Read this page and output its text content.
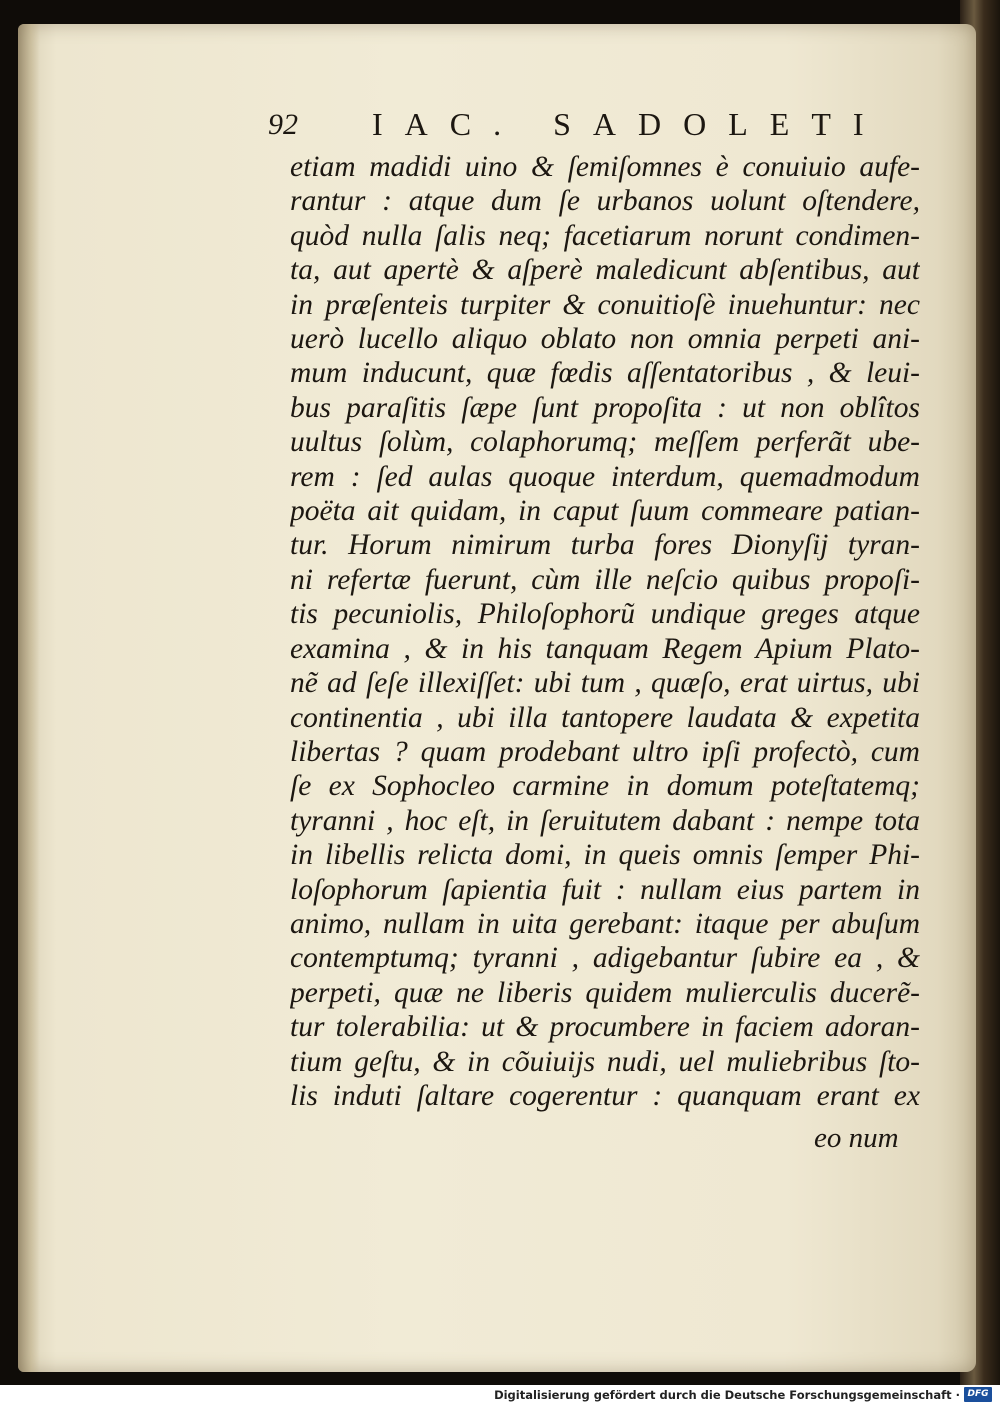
92 IAC. SADOLETI
etiam madidi uino & ſemiſomnes è conuiuio aufe-
rantur : atque dum ſe urbanos uolunt oſtendere,
quòd nulla ſalis neq; facetiarum norunt condimen-
ta, aut apertè & aſperè maledicunt abſentibus, aut
in præſenteis turpiter & conuitioſè inuehuntur: nec
uerò lucello aliquo oblato non omnia perpeti ani-
mum inducunt, quæ fœdis aſſentatoribus , & leui-
bus paraſitis ſæpe ſunt propoſita : ut non oblîtos
uultus ſolùm, colaphorumq; meſſem perferãt ube-
rem : ſed aulas quoque interdum, quemadmodum
poëta ait quidam, in caput ſuum commeare patian-
tur. Horum nimirum turba fores Dionyſij tyran-
ni refertæ fuerunt, cùm ille neſcio quibus propoſi-
tis pecuniolis, Philoſophorũ undique greges atque
examina , & in his tanquam Regem Apium Plato-
nẽ ad ſeſe illexiſſet: ubi tum , quæſo, erat uirtus, ubi
continentia , ubi illa tantopere laudata & expetita
libertas ? quam prodebant ultro ipſi profectò, cum
ſe ex Sophocleo carmine in domum poteſtatemq;
tyranni , hoc eſt, in ſeruitutem dabant : nempe tota
in libellis relicta domi, in queis omnis ſemper Phi-
loſophorum ſapientia fuit : nullam eius partem in
animo, nullam in uita gerebant: itaque per abuſum
contemptumq; tyranni , adigebantur ſubire ea , &
perpeti, quæ ne liberis quidem mulierculis ducerẽ-
tur tolerabilia: ut & procumbere in faciem adoran-
tium geſtu, & in cõuiuijs nudi, uel muliebribus ſto-
lis induti ſaltare cogerentur : quanquam erant ex
eo num
Digitalisierung gefördert durch die Deutsche Forschungsgemeinschaft · DFG
